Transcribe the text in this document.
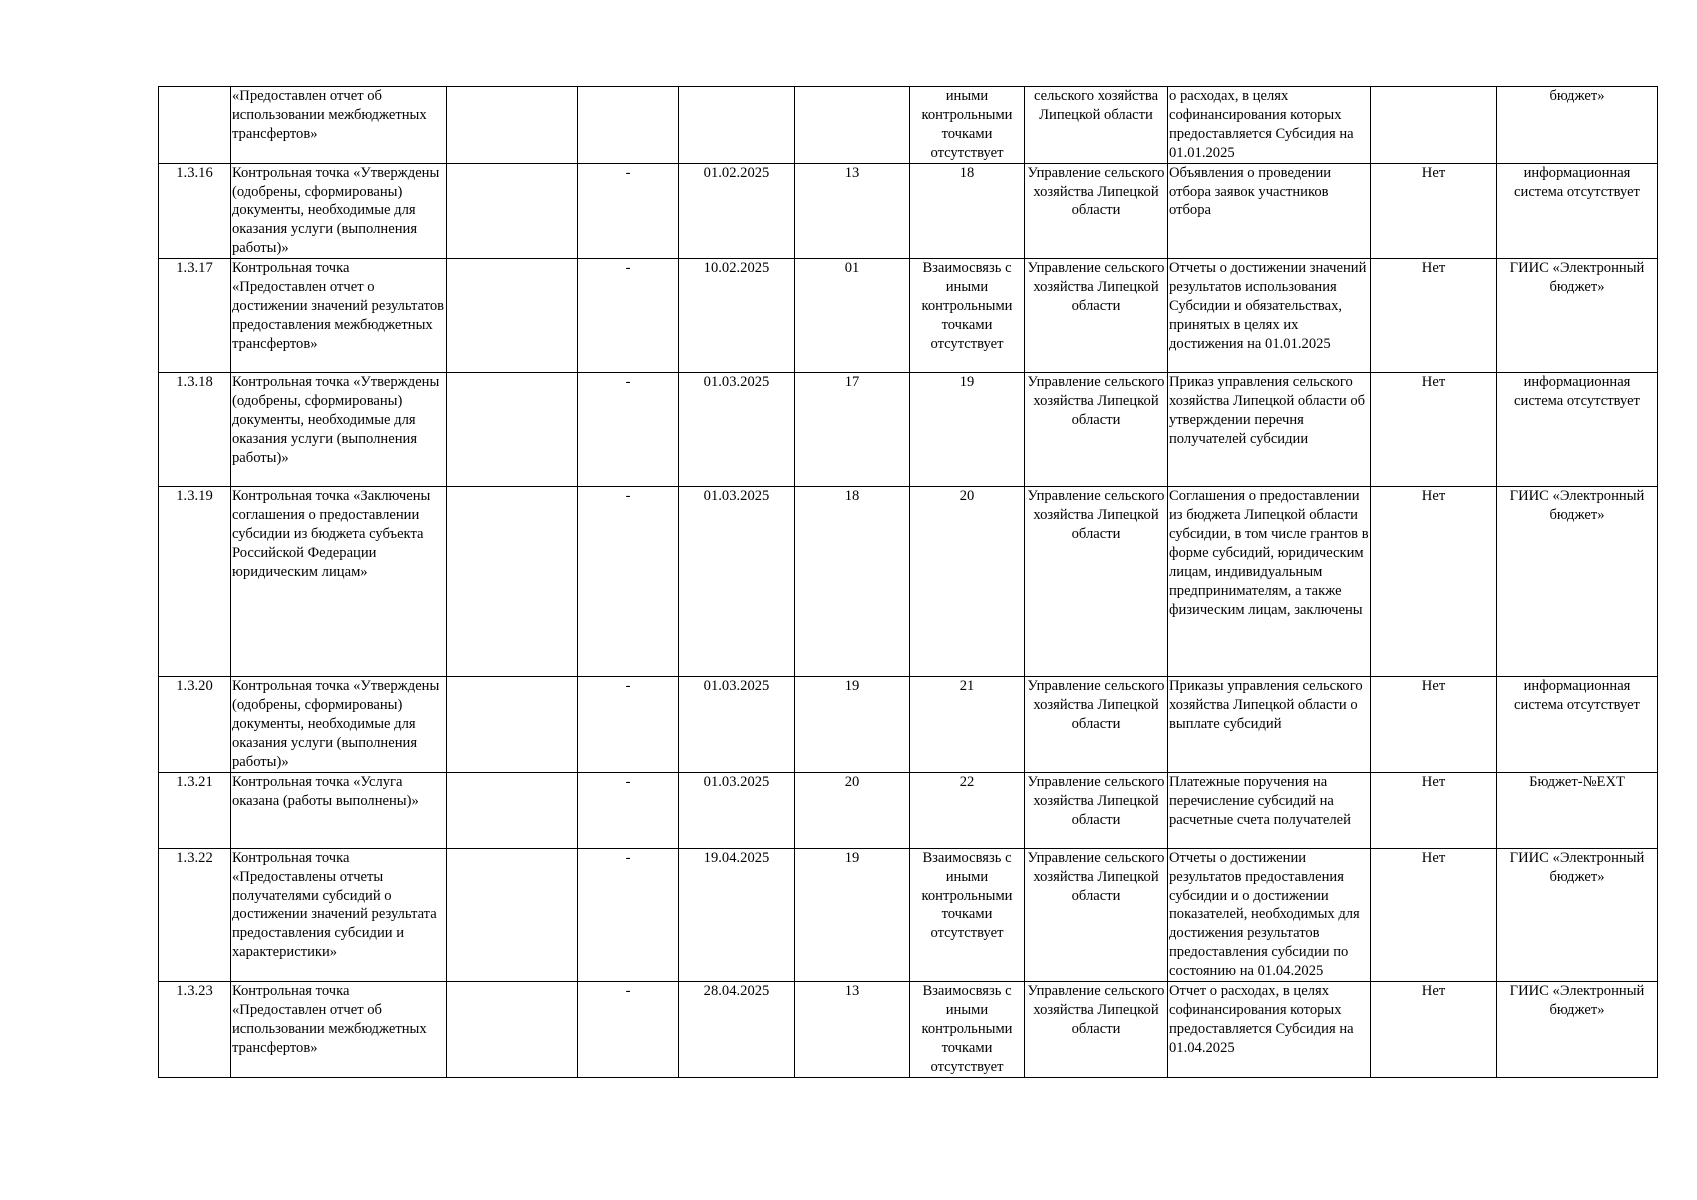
	«Предоставлен отчет об использовании межбюджетных трансфертов»					иными контрольными точками отсутствует	сельского хозяйства Липецкой области	о расходах, в целях софинансирования которых предоставляется Субсидия на 01.01.2025		бюджет»
1.3.16	Контрольная точка «Утверждены (одобрены, сформированы) документы, необходимые для оказания услуги (выполнения работы)»		-	01.02.2025	13	18	Управление сельского хозяйства Липецкой области	Объявления о проведении отбора заявок участников отбора	Нет	информационная система отсутствует
1.3.17	Контрольная точка «Предоставлен отчет о достижении значений результатов предоставления межбюджетных трансфертов»		-	10.02.2025	01	Взаимосвязь с иными контрольными точками отсутствует	Управление сельского хозяйства Липецкой области	Отчеты о достижении значений результатов использования Субсидии и обязательствах, принятых в целях их достижения на 01.01.2025	Нет	ГИИС «Электронный бюджет»
1.3.18	Контрольная точка «Утверждены (одобрены, сформированы) документы, необходимые для оказания услуги (выполнения работы)»		-	01.03.2025	17	19	Управление сельского хозяйства Липецкой области	Приказ управления сельского хозяйства Липецкой области об утверждении перечня получателей субсидии	Нет	информационная система отсутствует
1.3.19	Контрольная точка «Заключены соглашения о предоставлении субсидии из бюджета субъекта Российской Федерации юридическим лицам»		-	01.03.2025	18	20	Управление сельского хозяйства Липецкой области	Соглашения о предоставлении из бюджета Липецкой области субсидии, в том числе грантов в форме субсидий, юридическим лицам, индивидуальным предпринимателям, а также физическим лицам, заключены	Нет	ГИИС «Электронный бюджет»
1.3.20	Контрольная точка «Утверждены (одобрены, сформированы) документы, необходимые для оказания услуги (выполнения работы)»		-	01.03.2025	19	21	Управление сельского хозяйства Липецкой области	Приказы управления сельского хозяйства Липецкой области о выплате субсидий	Нет	информационная система отсутствует
1.3.21	Контрольная точка «Услуга оказана (работы выполнены)»		-	01.03.2025	20	22	Управление сельского хозяйства Липецкой области	Платежные поручения на перечисление субсидий на расчетные счета получателей	Нет	Бюджет-№ЕХТ
1.3.22	Контрольная точка «Предоставлены отчеты получателями субсидий о достижении значений результата предоставления субсидии и характеристики»		-	19.04.2025	19	Взаимосвязь с иными контрольными точками отсутствует	Управление сельского хозяйства Липецкой области	Отчеты о достижении результатов предоставления субсидии и о достижении показателей, необходимых для достижения результатов предоставления субсидии по состоянию на 01.04.2025	Нет	ГИИС «Электронный бюджет»
1.3.23	Контрольная точка «Предоставлен отчет об использовании межбюджетных трансфертов»		-	28.04.2025	13	Взаимосвязь с иными контрольными точками отсутствует	Управление сельского хозяйства Липецкой области	Отчет о расходах, в целях софинансирования которых предоставляется Субсидия на 01.04.2025	Нет	ГИИС «Электронный бюджет»
